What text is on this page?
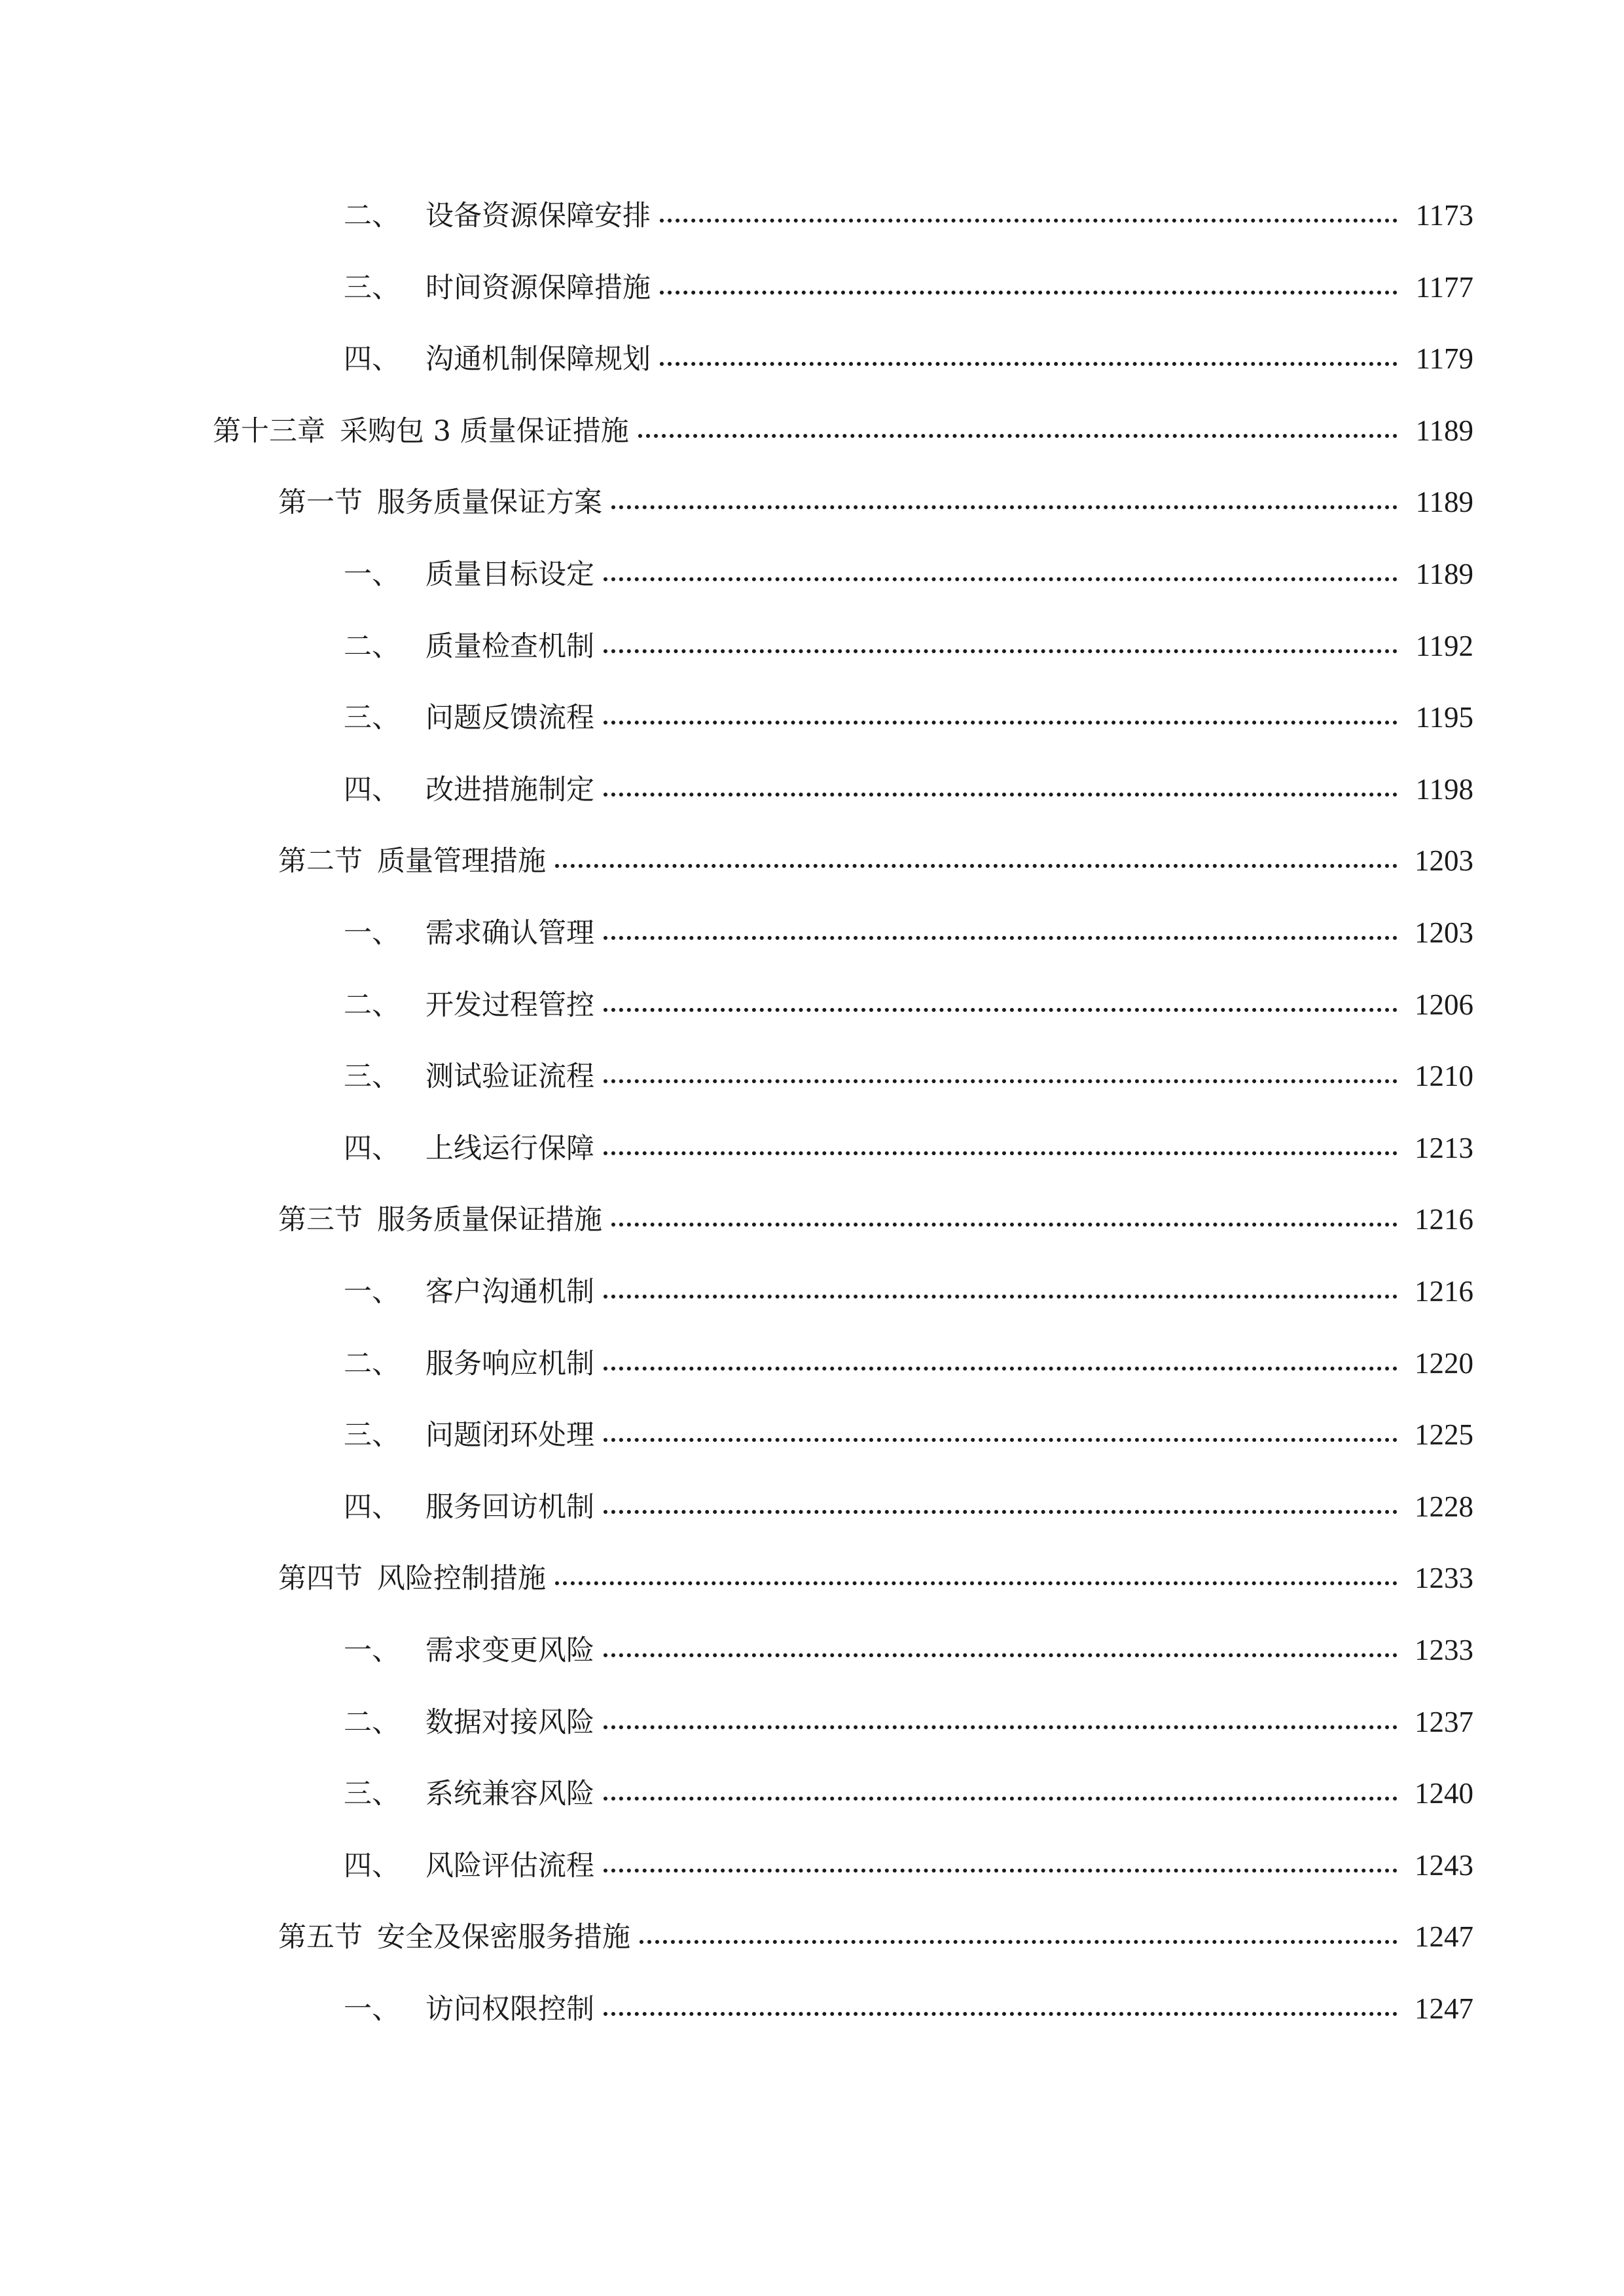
二、 设备资源保障安排	1173
三、 时间资源保障措施	1177
四、 沟通机制保障规划	1179
第十三章 采购包 3 质量保证措施	1189
第一节 服务质量保证方案	1189
一、 质量目标设定	1189
二、 质量检查机制	1192
三、 问题反馈流程	1195
四、 改进措施制定	1198
第二节 质量管理措施	1203
一、 需求确认管理	1203
二、 开发过程管控	1206
三、 测试验证流程	1210
四、 上线运行保障	1213
第三节 服务质量保证措施	1216
一、 客户沟通机制	1216
二、 服务响应机制	1220
三、 问题闭环处理	1225
四、 服务回访机制	1228
第四节 风险控制措施	1233
一、 需求变更风险	1233
二、 数据对接风险	1237
三、 系统兼容风险	1240
四、 风险评估流程	1243
第五节 安全及保密服务措施	1247
一、 访问权限控制	1247
